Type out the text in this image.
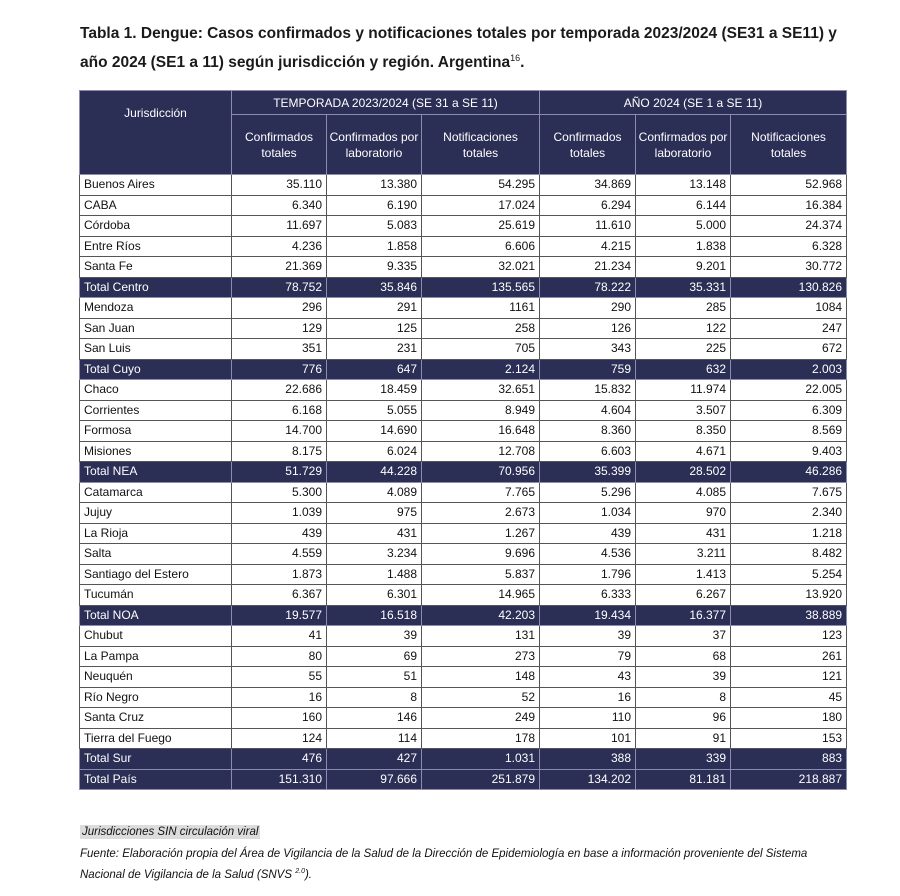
Tabla 1. Dengue: Casos confirmados y notificaciones totales por temporada 2023/2024 (SE31 a SE11) y año 2024 (SE1 a 11) según jurisdicción y región. Argentina$^{16}$.
Jurisdicción	TEMPORADA 2023/2024 (SE 31 a SE 11)			AÑO 2024 (SE 1 a SE 11)		
	Confirmados totales	Confirmados por laboratorio	Notificaciones totales	Confirmados totales	Confirmados por laboratorio	Notificaciones totales
Buenos Aires	35.110	13.380	54.295	34.869	13.148	52.968
CABA	6.340	6.190	17.024	6.294	6.144	16.384
Córdoba	11.697	5.083	25.619	11.610	5.000	24.374
Entre Ríos	4.236	1.858	6.606	4.215	1.838	6.328
Santa Fe	21.369	9.335	32.021	21.234	9.201	30.772
Total Centro	78.752	35.846	135.565	78.222	35.331	130.826
Mendoza	296	291	1161	290	285	1084
San Juan	129	125	258	126	122	247
San Luis	351	231	705	343	225	672
Total Cuyo	776	647	2.124	759	632	2.003
Chaco	22.686	18.459	32.651	15.832	11.974	22.005
Corrientes	6.168	5.055	8.949	4.604	3.507	6.309
Formosa	14.700	14.690	16.648	8.360	8.350	8.569
Misiones	8.175	6.024	12.708	6.603	4.671	9.403
Total NEA	51.729	44.228	70.956	35.399	28.502	46.286
Catamarca	5.300	4.089	7.765	5.296	4.085	7.675
Jujuy	1.039	975	2.673	1.034	970	2.340
La Rioja	439	431	1.267	439	431	1.218
Salta	4.559	3.234	9.696	4.536	3.211	8.482
Santiago del Estero	1.873	1.488	5.837	1.796	1.413	5.254
Tucumán	6.367	6.301	14.965	6.333	6.267	13.920
Total NOA	19.577	16.518	42.203	19.434	16.377	38.889
Chubut	41	39	131	39	37	123
La Pampa	80	69	273	79	68	261
Neuquén	55	51	148	43	39	121
Río Negro	16	8	52	16	8	45
Santa Cruz	160	146	249	110	96	180
Tierra del Fuego	124	114	178	101	91	153
Total Sur	476	427	1.031	388	339	883
Total País	151.310	97.666	251.879	134.202	81.181	218.887
Jurisdicciones SIN circulación viral
Fuente: Elaboración propia del Área de Vigilancia de la Salud de la Dirección de Epidemiología en base a información proveniente del Sistema Nacional de Vigilancia de la Salud (SNVS $^{2.0}$).
